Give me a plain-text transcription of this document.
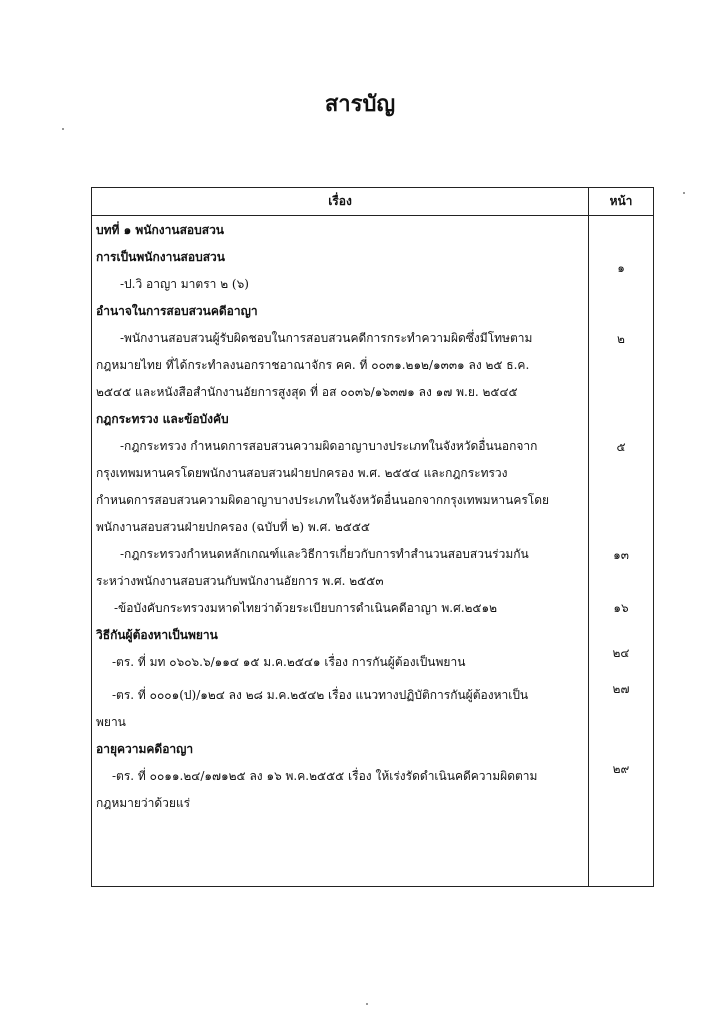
สารบัญ
เรื่อง	หน้า
บทที่ ๑ พนักงานสอบสวน
การเป็นพนักงานสอบสวน
-ป.วิ อาญา มาตรา ๒ (๖)
อำนาจในการสอบสวนคดีอาญา
-พนักงานสอบสวนผู้รับผิดชอบในการสอบสวนคดีการกระทำความผิดซึ่งมีโทษตาม
กฎหมายไทย ที่ได้กระทำลงนอกราชอาณาจักร คค. ที่ ๐๐๓๑.๒๑๒/๑๓๓๑ ลง ๒๕ ธ.ค.
๒๕๔๕ และหนังสือสำนักงานอัยการสูงสุด ที่ อส ๐๐๓๖/๑๖๓๗๑ ลง ๑๗ พ.ย. ๒๕๔๕
กฎกระทรวง และข้อบังคับ
-กฎกระทรวง กำหนดการสอบสวนความผิดอาญาบางประเภทในจังหวัดอื่นนอกจาก
กรุงเทพมหานครโดยพนักงานสอบสวนฝ่ายปกครอง พ.ศ. ๒๕๕๔ และกฎกระทรวง
กำหนดการสอบสวนความผิดอาญาบางประเภทในจังหวัดอื่นนอกจากกรุงเทพมหานครโดย
พนักงานสอบสวนฝ่ายปกครอง (ฉบับที่ ๒) พ.ศ. ๒๕๕๕
-กฎกระทรวงกำหนดหลักเกณฑ์และวิธีการเกี่ยวกับการทำสำนวนสอบสวนร่วมกัน
ระหว่างพนักงานสอบสวนกับพนักงานอัยการ พ.ศ. ๒๕๕๓
-ข้อบังคับกระทรวงมหาดไทยว่าด้วยระเบียบการดำเนินคดีอาญา พ.ศ.๒๕๑๒
วิธีกันผู้ต้องหาเป็นพยาน
-ตร. ที่ มท ๐๖๐๖.๖/๑๑๔ ๑๕ ม.ค.๒๕๔๑ เรื่อง การกันผู้ต้องเป็นพยาน
-ตร. ที่ ๐๐๐๑(ป)/๑๒๔ ลง ๒๘ ม.ค.๒๕๔๒ เรื่อง แนวทางปฏิบัติการกันผู้ต้องหาเป็น
พยาน
อายุความคดีอาญา
-ตร. ที่ ๐๐๑๑.๒๔/๑๗๑๒๕ ลง ๑๖ พ.ค.๒๕๕๕ เรื่อง ให้เร่งรัดดำเนินคดีความผิดตาม
กฎหมายว่าด้วยแร่
๑
๒
๕
๑๓
๑๖
๒๔
๒๗
๒๙
